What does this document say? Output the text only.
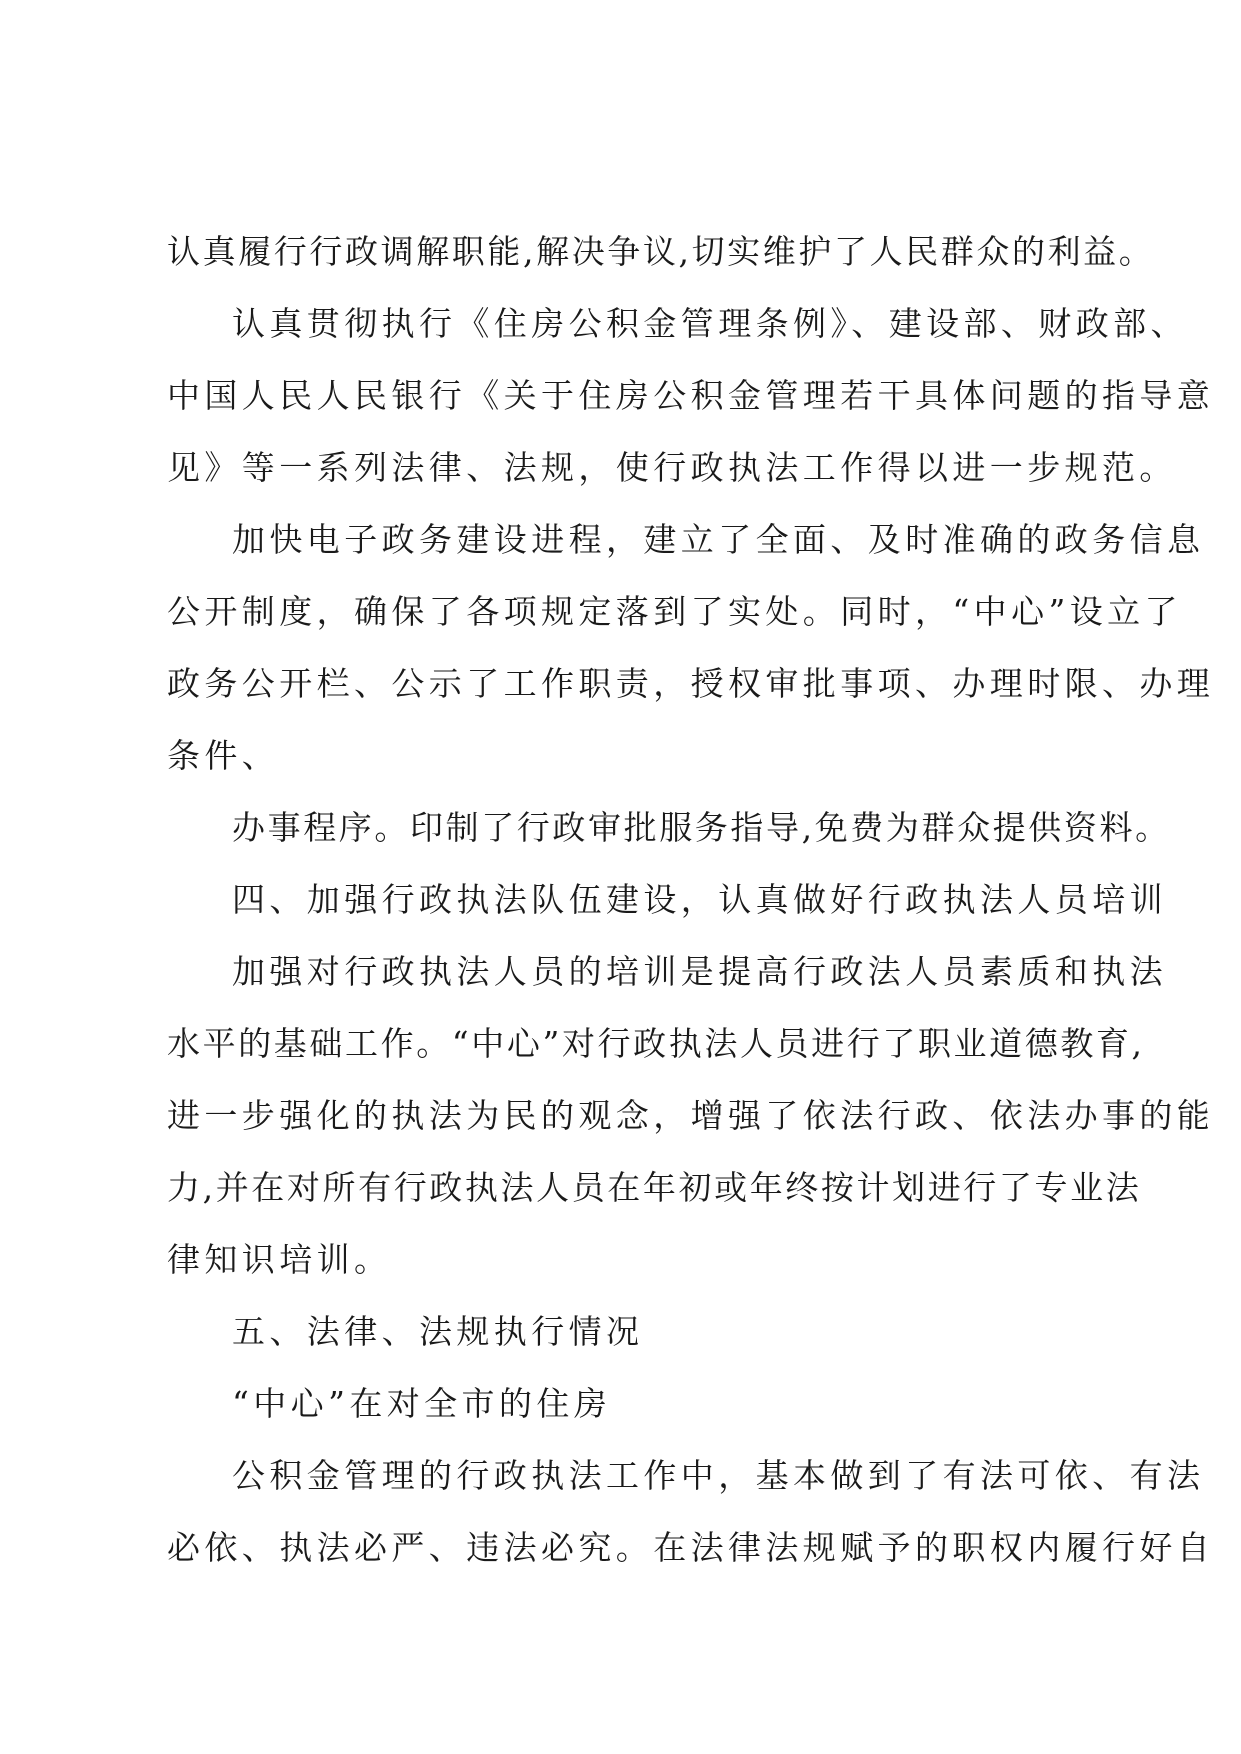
认真履行行政调解职能,解决争议,切实维护了人民群众的利益。
认真贯彻执行《住房公积金管理条例》、建设部、财政部、
中国人民人民银行《关于住房公积金管理若干具体问题的指导意
见》等一系列法律、法规，使行政执法工作得以进一步规范。
加快电子政务建设进程，建立了全面、及时准确的政务信息
公开制度，确保了各项规定落到了实处。同时，“中心”设立了
政务公开栏、公示了工作职责，授权审批事项、办理时限、办理
条件、
办事程序。印制了行政审批服务指导,免费为群众提供资料。
四、加强行政执法队伍建设，认真做好行政执法人员培训
加强对行政执法人员的培训是提高行政法人员素质和执法
水平的基础工作。“中心”对行政执法人员进行了职业道德教育,
进一步强化的执法为民的观念，增强了依法行政、依法办事的能
力,并在对所有行政执法人员在年初或年终按计划进行了专业法
律知识培训。
五、法律、法规执行情况
“中心”在对全市的住房
公积金管理的行政执法工作中，基本做到了有法可依、有法
必依、执法必严、违法必究。在法律法规赋予的职权内履行好自
